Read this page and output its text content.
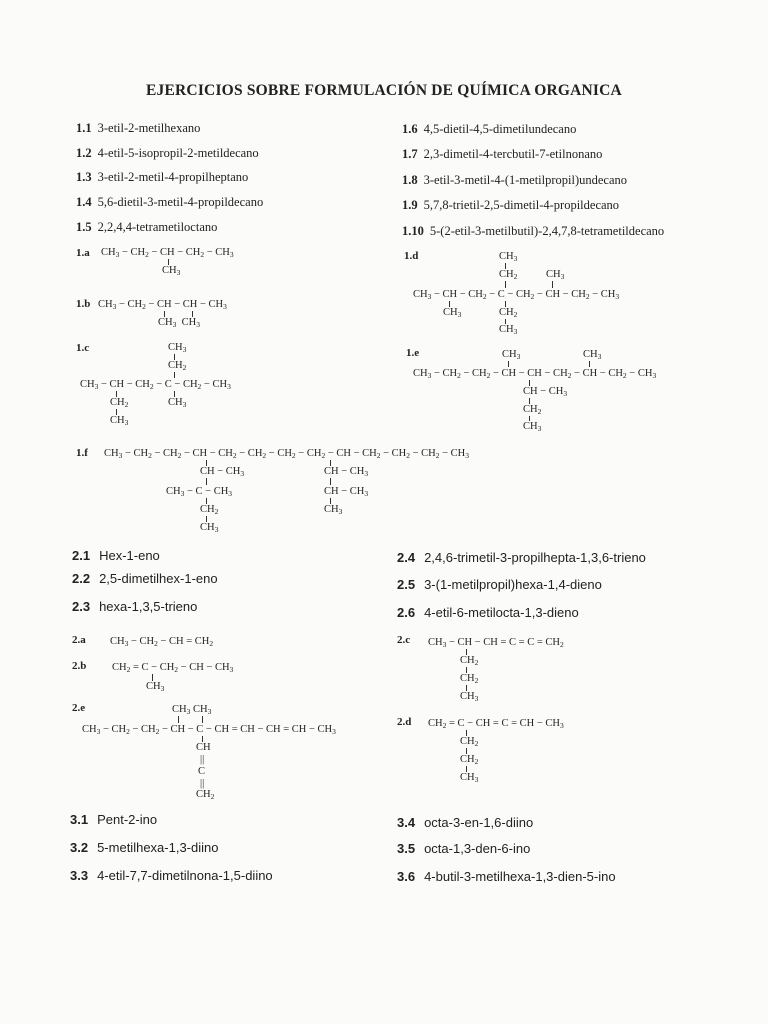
EJERCICIOS SOBRE FORMULACIÓN DE QUÍMICA ORGANICA
1.1 3-etil-2-metilhexano
1.2 4-etil-5-isopropil-2-metildecano
1.3 3-etil-2-metil-4-propilheptano
1.4 5,6-dietil-3-metil-4-propildecano
1.5 2,2,4,4-tetrametiloctano
1.6 4,5-dietil-4,5-dimetilundecano
1.7 2,3-dimetil-4-tercbutil-7-etilnonano
1.8 3-etil-3-metil-4-(1-metilpropil)undecano
1.9 5,7,8-trietil-2,5-dimetil-4-propildecano
1.10 5-(2-etil-3-metilbutil)-2,4,7,8-tetrametildecano
1.a $CH_3 - CH_2$ − CH − $CH_2 - CH_3$
$CH_3$
1.b $CH_3 - CH_2$ − CH − CH − $CH_3$
$CH_3$  $CH_3$
1.c	$CH_3$
$CH_2$
$CH_3$ − CH − $CH_2 - C - CH_2 - CH_3$
$CH_2$	$CH_3$
$CH_3$
1.d	$CH_3$
$CH_2$	$CH_3$
$CH_3$ − CH − $CH_2 - C - CH_2$ − CH − $CH_2 - CH_3$
$CH_3$	$CH_2$
$CH_3$
1.e	$CH_3$	$CH_3$
$CH_3 - CH_2 - CH_2$ − CH − CH − $CH_2$ − CH − $CH_2 - CH_3$
CH − $CH_3$
$CH_2$
$CH_3$
1.f $CH_3 - CH_2 - CH_2$ − CH − $CH_2 - CH_2 - CH_2 - CH_2$ − CH − $CH_2 - CH_2 - CH_2 - CH_3$
CH − $CH_3$	CH − $CH_3$
$CH_3 - C - CH_3$	CH − $CH_3$
$CH_2$	$CH_3$
$CH_3$
2.1 Hex-1-eno
2.2 2,5-dimetilhex-1-eno
2.3 hexa-1,3,5-trieno
2.4 2,4,6-trimetil-3-propilhepta-1,3,6-trieno
2.5 3-(1-metilpropil)hexa-1,4-dieno
2.6 4-etil-6-metilocta-1,3-dieno
2.a $CH_3 - CH_2$ − CH = $CH_2$
2.b $CH_2 = C - CH_2$ − CH − $CH_3$
$CH_3$
2.c $CH_3$ − CH − CH = $C = C = CH_2$
$CH_2$
$CH_2$
$CH_3$
2.d $CH_2 = C$ − CH = C = CH − $CH_3$
$CH_2$
$CH_2$
$CH_3$
2.e	$CH_3$ $CH_3$
$CH_3 - CH_2 - CH_2$ − CH − C − CH = CH − CH = CH − $CH_3$
CH
||
C
||
$CH_2$
3.1 Pent-2-ino
3.2 5-metilhexa-1,3-diino
3.3 4-etil-7,7-dimetilnona-1,5-diino
3.4 octa-3-en-1,6-diino
3.5 octa-1,3-den-6-ino
3.6 4-butil-3-metilhexa-1,3-dien-5-ino
